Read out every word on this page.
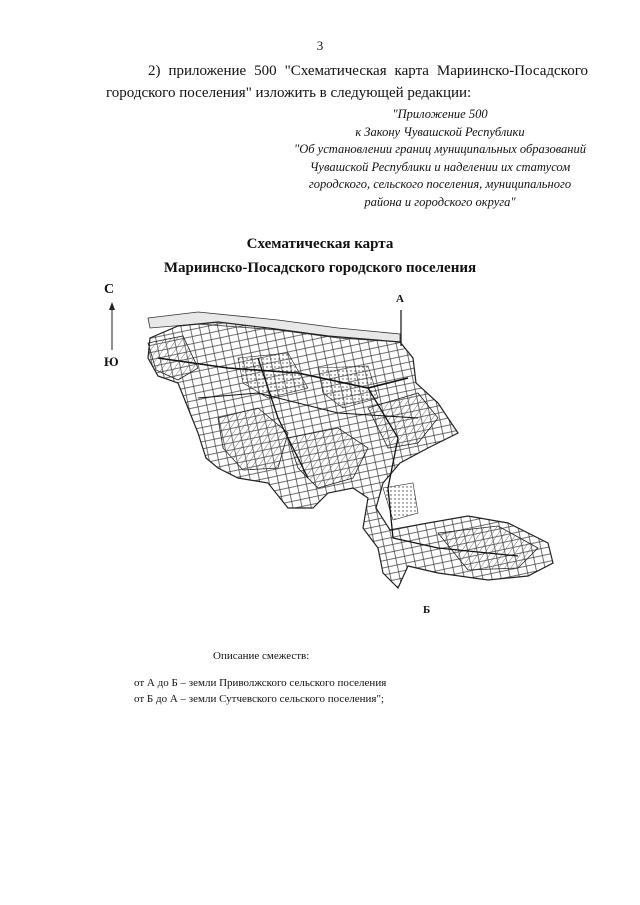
3
2) приложение 500 "Схематическая карта Мариинско-Посадского
городского поселения" изложить в следующей редакции:
"Приложение 500
к Закону Чувашской Республики
"Об установлении границ муниципальных образований
Чувашской Республики и наделении их статусом
городского, сельского поселения, муниципального
района и городского округа"
Схематическая карта
Мариинско-Посадского городского поселения
С
Ю
А
Б
Описание смежеств:
от А до Б – земли Приволжского сельского поселения
от Б до А – земли Сутчевского сельского поселения";
